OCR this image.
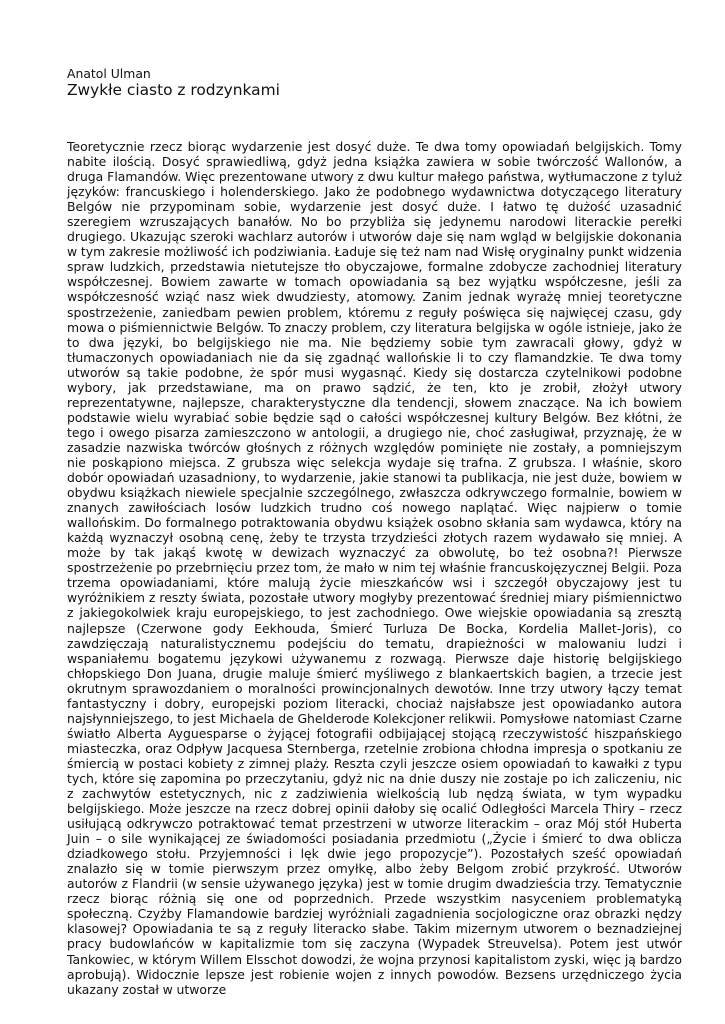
Anatol Ulman

Zwykłe ciasto z rodzynkami
Teoretycznie rzecz biorąc wydarzenie jest dosyć duże. Te dwa tomy opowiadań belgijskich. Tomy nabite ilością. Dosyć sprawiedliwą, gdyż jedna książka zawiera w sobie twórczość Wallonów, a druga Flamandów. Więc prezentowane utwory z dwu kultur małego państwa, wytłumaczone z tyluż języków: francuskiego i holenderskiego. Jako że podobnego wydawnictwa dotyczącego literatury Belgów nie przypominam sobie, wydarzenie jest dosyć duże. I łatwo tę dużość uzasadnić szeregiem wzruszających banałów. No bo przybliża się jedynemu narodowi literackie perełki drugiego. Ukazując szeroki wachlarz autorów i utworów daje się nam wgląd w belgijskie dokonania w tym zakresie możliwość ich podziwiania. Ładuje się też nam nad Wisłę oryginalny punkt widzenia spraw ludzkich, przedstawia nietutejsze tło obyczajowe, formalne zdobycze zachodniej literatury współczesnej. Bowiem zawarte w tomach opowiadania są bez wyjątku współczesne, jeśli za współczesność wziąć nasz wiek dwudziesty, atomowy. Zanim jednak wyrażę mniej teoretyczne spostrzeżenie, zaniedbam pewien problem, któremu z reguły poświęca się najwięcej czasu, gdy mowa o piśmiennictwie Belgów. To znaczy problem, czy literatura belgijska w ogóle istnieje, jako że to dwa języki, bo belgijskiego nie ma. Nie będziemy sobie tym zawracali głowy, gdyż w tłumaczonych opowiadaniach nie da się zgadnąć wallońskie li to czy flamandzkie. Te dwa tomy utworów są takie podobne, że spór musi wygasnąć. Kiedy się dostarcza czytelnikowi podobne wybory, jak przedstawiane, ma on prawo sądzić, że ten, kto je zrobił, złożył utwory reprezentatywne, najlepsze, charakterystyczne dla tendencji, słowem znaczące. Na ich bowiem podstawie wielu wyrabiać sobie będzie sąd o całości współczesnej kultury Belgów. Bez kłótni, że tego i owego pisarza zamieszczono w antologii, a drugiego nie, choć zasługiwał, przyznaję, że w zasadzie nazwiska twórców głośnych z różnych względów pominięte nie zostały, a pomniejszym nie poskąpiono miejsca. Z grubsza więc selekcja wydaje się trafna. Z grubsza. I właśnie, skoro dobór opowiadań uzasadniony, to wydarzenie, jakie stanowi ta publikacja, nie jest duże, bowiem w obydwu książkach niewiele specjalnie szczególnego, zwłaszcza odkrywczego formalnie, bowiem w znanych zawiłościach losów ludzkich trudno coś nowego naplątać. Więc najpierw o tomie wallońskim. Do formalnego potraktowania obydwu książek osobno skłania sam wydawca, który na każdą wyznaczył osobną cenę, żeby te trzysta trzydzieści złotych razem wydawało się mniej. A może by tak jakąś kwotę w dewizach wyznaczyć za obwolutę, bo też osobna?! Pierwsze spostrzeżenie po przebrnięciu przez tom, że mało w nim tej właśnie francuskojęzycznej Belgii. Poza trzema opowiadaniami, które malują życie mieszkańców wsi i szczegół obyczajowy jest tu wyróżnikiem z reszty świata, pozostałe utwory mogłyby prezentować średniej miary piśmiennictwo z jakiegokolwiek kraju europejskiego, to jest zachodniego. Owe wiejskie opowiadania są zresztą najlepsze (Czerwone gody Eekhouda, Śmierć Turluza De Bocka, Kordelia Mallet-Joris), co zawdzięczają naturalistycznemu podejściu do tematu, drapieżności w malowaniu ludzi i wspaniałemu bogatemu językowi używanemu z rozwagą. Pierwsze daje historię belgijskiego chłopskiego Don Juana, drugie maluje śmierć myśliwego z blankaertskich bagien, a trzecie jest okrutnym sprawozdaniem o moralności prowincjonalnych dewotów. Inne trzy utwory łączy temat fantastyczny i dobry, europejski poziom literacki, chociaż najsłabsze jest opowiadanko autora najsłynniejszego, to jest Michaela de Ghelderode Kolekcjoner relikwii. Pomysłowe natomiast Czarne światło Alberta Ayguesparse o żyjącej fotografii odbijającej stojącą rzeczywistość hiszpańskiego miasteczka, oraz Odpływ Jacquesa Sternberga, rzetelnie zrobiona chłodna impresja o spotkaniu ze śmiercią w postaci kobiety z zimnej plaży. Reszta czyli jeszcze osiem opowiadań to kawałki z typu tych, które się zapomina po przeczytaniu, gdyż nic na dnie duszy nie zostaje po ich zaliczeniu, nic z zachwytów estetycznych, nic z zadziwienia wielkością lub nędzą świata, w tym wypadku belgijskiego. Może jeszcze na rzecz dobrej opinii dałoby się ocalić Odległości Marcela Thiry – rzecz usiłującą odkrywczo potraktować temat przestrzeni w utworze literackim – oraz Mój stół Huberta Juin – o sile wynikającej ze świadomości posiadania przedmiotu („Życie i śmierć to dwa oblicza dziadkowego stołu. Przyjemności i lęk dwie jego propozycje”). Pozostałych sześć opowiadań znalazło się w tomie pierwszym przez omyłkę, albo żeby Belgom zrobić przykrość. Utworów autorów z Flandrii (w sensie używanego języka) jest w tomie drugim dwadzieścia trzy. Tematycznie rzecz biorąc różnią się one od poprzednich. Przede wszystkim nasyceniem problematyką społeczną. Czyżby Flamandowie bardziej wyróżniali zagadnienia socjologiczne oraz obrazki nędzy klasowej? Opowiadania te są z reguły literacko słabe. Takim mizernym utworem o beznadziejnej pracy budowlańców w kapitalizmie tom się zaczyna (Wypadek Streuvelsa). Potem jest utwór Tankowiec, w którym Willem Elsschot dowodzi, że wojna przynosi kapitalistom zyski, więc ją bardzo aprobują). Widocznie lepsze jest robienie wojen z innych powodów. Bezsens urzędniczego życia ukazany został w utworze
